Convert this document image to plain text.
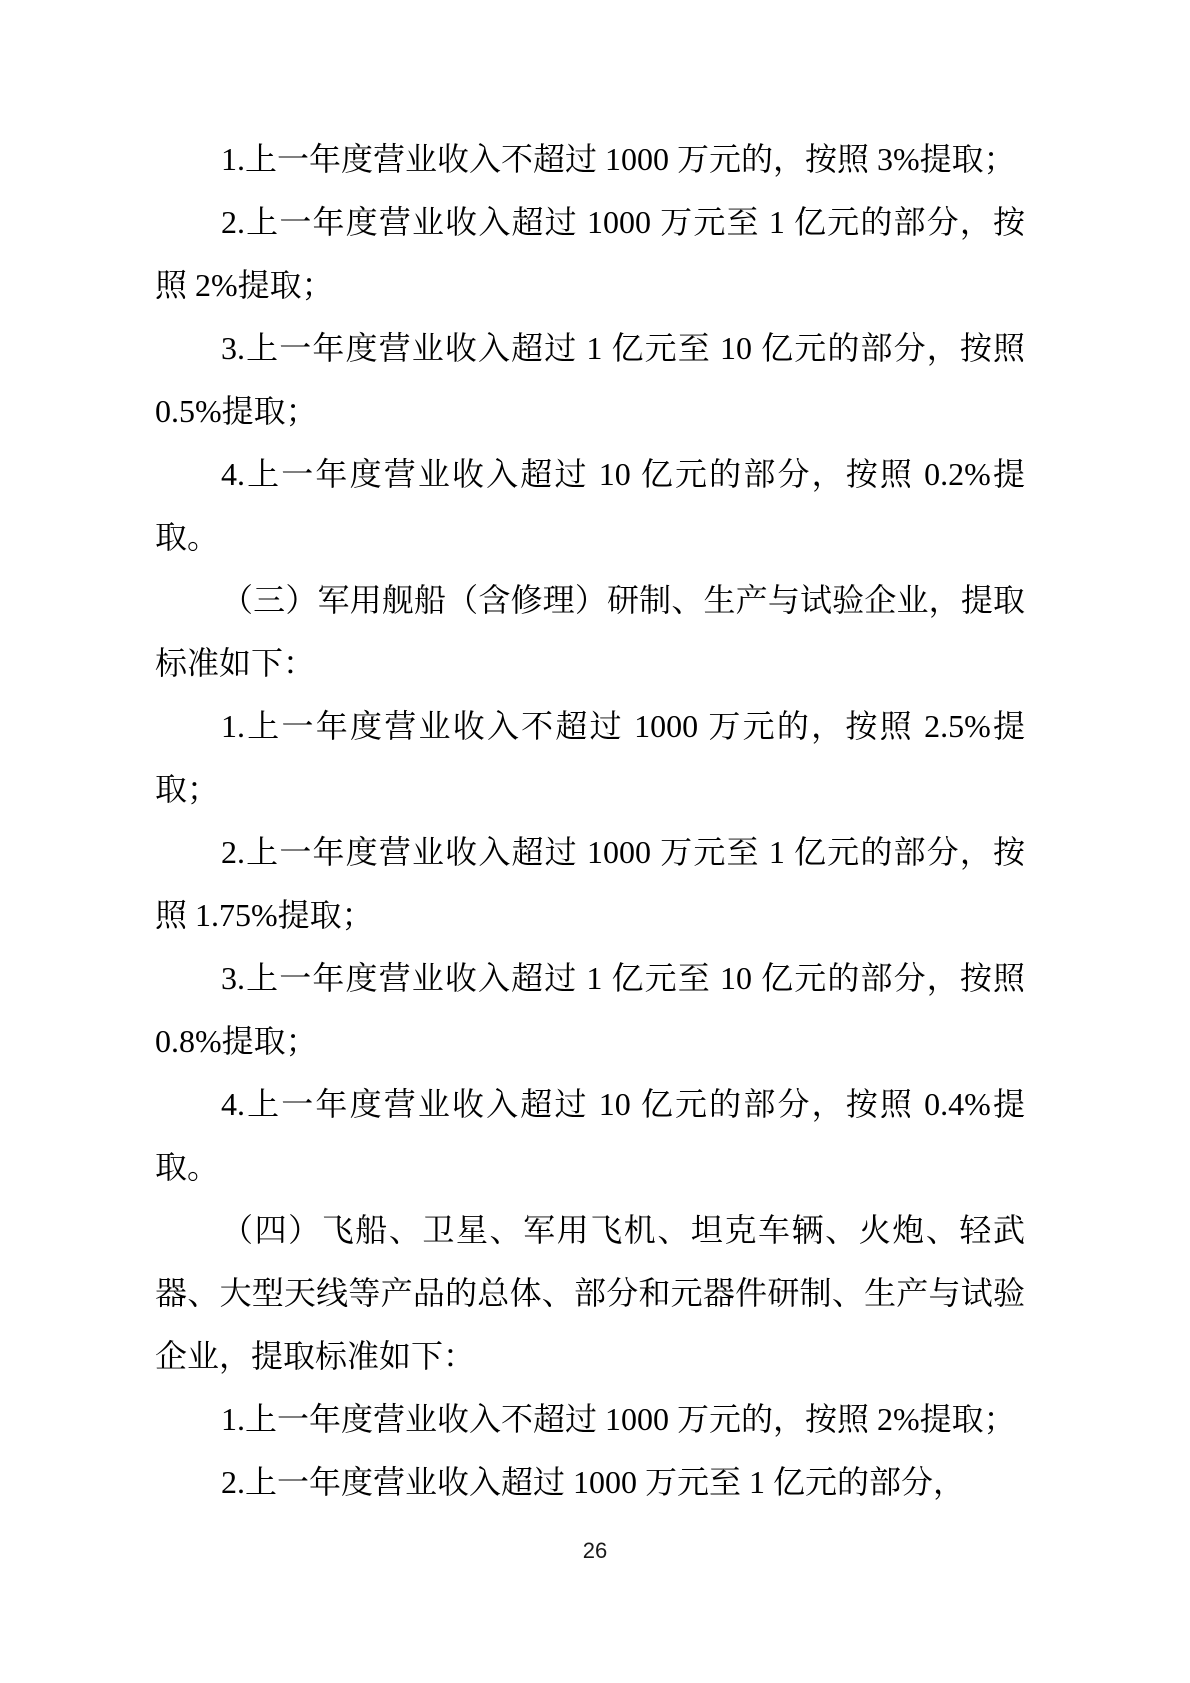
1.上一年度营业收入不超过 1000 万元的，按照 3%提取；

2.上一年度营业收入超过 1000 万元至 1 亿元的部分，按照 2%提取；

3.上一年度营业收入超过 1 亿元至 10 亿元的部分，按照 0.5%提取；

4.上一年度营业收入超过 10 亿元的部分，按照 0.2%提取。

（三）军用舰船（含修理）研制、生产与试验企业，提取标准如下：

1.上一年度营业收入不超过 1000 万元的，按照 2.5%提取；

2.上一年度营业收入超过 1000 万元至 1 亿元的部分，按照 1.75%提取；

3.上一年度营业收入超过 1 亿元至 10 亿元的部分，按照 0.8%提取；

4.上一年度营业收入超过 10 亿元的部分，按照 0.4%提取。

（四）飞船、卫星、军用飞机、坦克车辆、火炮、轻武器、大型天线等产品的总体、部分和元器件研制、生产与试验企业，提取标准如下：

1.上一年度营业收入不超过 1000 万元的，按照 2%提取；

2.上一年度营业收入超过 1000 万元至 1 亿元的部分，

26
